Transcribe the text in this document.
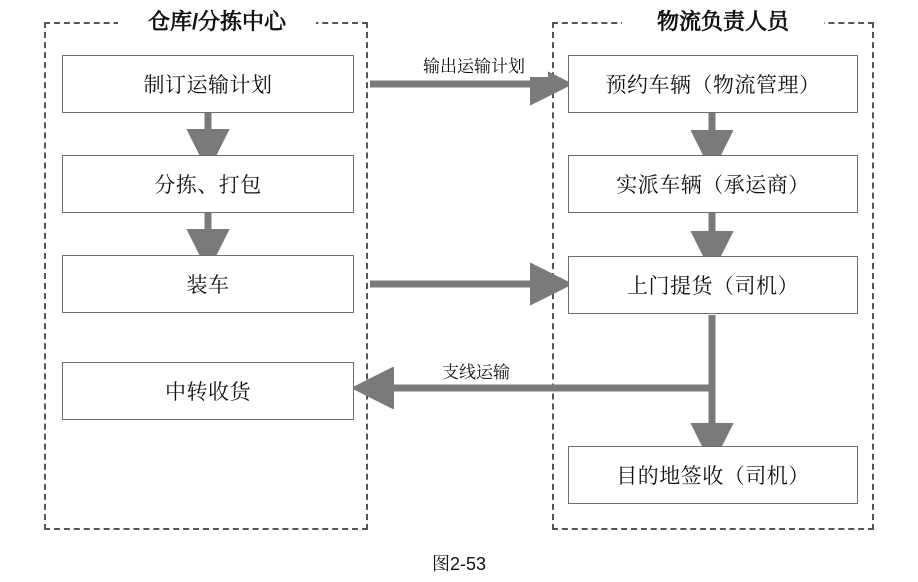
仓库/分拣中心	物流负责人员
制订运输计划
分拣、打包
装车
中转收货
预约车辆（物流管理）
实派车辆（承运商）
上门提货（司机）
目的地签收（司机）
输出运输计划
支线运输
图2-53
